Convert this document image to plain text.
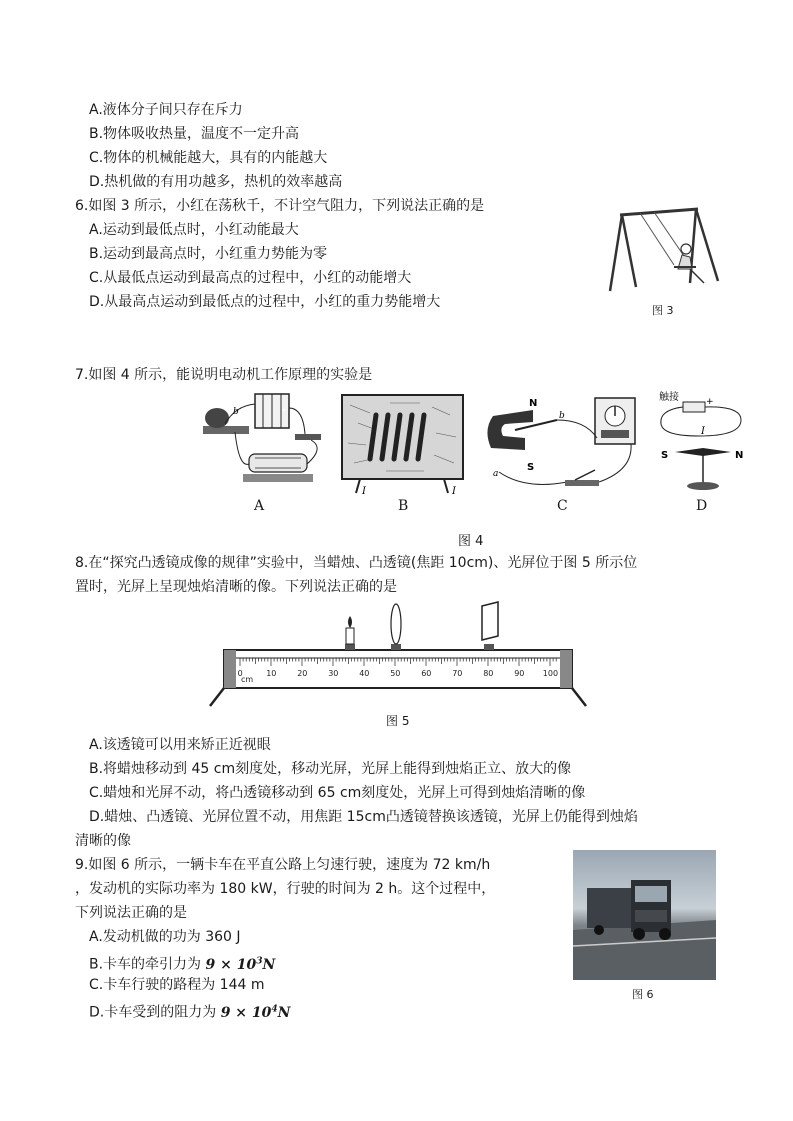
A.液体分子间只存在斥力
B.物体吸收热量，温度不一定升高
C.物体的机械能越大，具有的内能越大
D.热机做的有用功越多，热机的效率越高
6.如图 3 所示，小红在荡秋千，不计空气阻力，下列说法正确的是
A.运动到最低点时，小红动能最大
B.运动到最高点时，小红重力势能为零
C.从最低点运动到最高点的过程中，小红的动能增大
D.从最高点运动到最低点的过程中，小红的重力势能增大
图 3
7.如图 4 所示，能说明电动机工作原理的实验是
b	+
A
I	I
B
N
S
b
a
C
触接	+
-
I
S	N
D
图 4
8.在“探究凸透镜成像的规律”实验中，当蜡烛、凸透镜(焦距 10cm)、光屏位于图 5 所示位
置时，光屏上呈现烛焰清晰的像。下列说法正确的是
0
cm
10	20	30	40	50	60	70	80	90 100
图 5
A.该透镜可以用来矫正近视眼
B.将蜡烛移动到 45 cm刻度处，移动光屏，光屏上能得到烛焰正立、放大的像
C.蜡烛和光屏不动，将凸透镜移动到 65 cm刻度处，光屏上可得到烛焰清晰的像
D.蜡烛、凸透镜、光屏位置不动，用焦距 15cm凸透镜替换该透镜，光屏上仍能得到烛焰
清晰的像
9.如图 6 所示，一辆卡车在平直公路上匀速行驶，速度为 72 km/h
，发动机的实际功率为 180 kW，行驶的时间为 2 h。这个过程中，
下列说法正确的是
A.发动机做的功为 360 J
B.卡车的牵引力为 $9 \times 10^3N$
C.卡车行驶的路程为 144 m
D.卡车受到的阻力为 $9 \times 10^4N$
图 6
